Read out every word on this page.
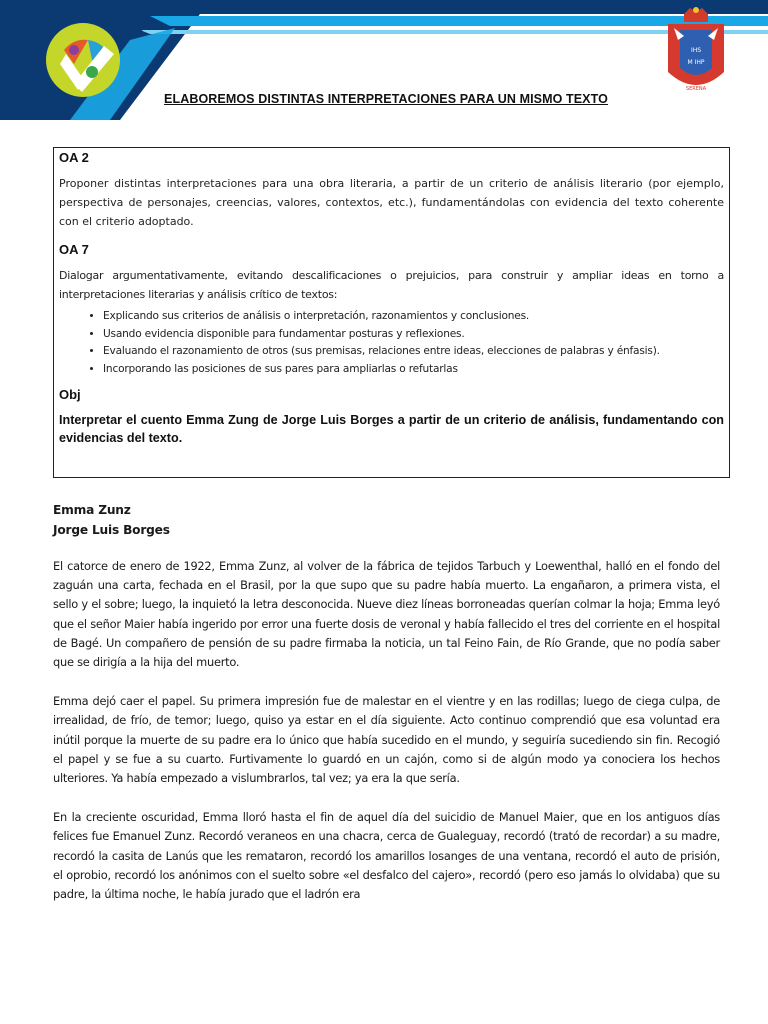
IHS
M IHP
SERENA
ELABOREMOS DISTINTAS INTERPRETACIONES PARA UN MISMO TEXTO
OA 2

Proponer distintas interpretaciones para una obra literaria, a partir de un criterio de análisis literario (por ejemplo, perspectiva de personajes, creencias, valores, contextos, etc.), fundamentándolas con evidencia del texto coherente con el criterio adoptado.

OA 7

Dialogar argumentativamente, evitando descalificaciones o prejuicios, para construir y ampliar ideas en torno a interpretaciones literarias y análisis crítico de textos:

• Explicando sus criterios de análisis o interpretación, razonamientos y conclusiones.
• Usando evidencia disponible para fundamentar posturas y reflexiones.
• Evaluando el razonamiento de otros (sus premisas, relaciones entre ideas, elecciones de palabras y énfasis).
• Incorporando las posiciones de sus pares para ampliarlas o refutarlas
Obj

Interpretar el cuento Emma Zung de Jorge Luis Borges a partir de un criterio de análisis, fundamentando con evidencias del texto.

Emma Zunz

Jorge Luis Borges

El catorce de enero de 1922, Emma Zunz, al volver de la fábrica de tejidos Tarbuch y Loewenthal, halló en el fondo del zaguán una carta, fechada en el Brasil, por la que supo que su padre había muerto. La engañaron, a primera vista, el sello y el sobre; luego, la inquietó la letra desconocida. Nueve diez líneas borroneadas querían colmar la hoja; Emma leyó que el señor Maier había ingerido por error una fuerte dosis de veronal y había fallecido el tres del corriente en el hospital de Bagé. Un compañero de pensión de su padre firmaba la noticia, un tal Feino Fain, de Río Grande, que no podía saber que se dirigía a la hija del muerto.

Emma dejó caer el papel. Su primera impresión fue de malestar en el vientre y en las rodillas; luego de ciega culpa, de irrealidad, de frío, de temor; luego, quiso ya estar en el día siguiente. Acto continuo comprendió que esa voluntad era inútil porque la muerte de su padre era lo único que había sucedido en el mundo, y seguiría sucediendo sin fin. Recogió el papel y se fue a su cuarto. Furtivamente lo guardó en un cajón, como si de algún modo ya conociera los hechos ulteriores. Ya había empezado a vislumbrarlos, tal vez; ya era la que sería.

En la creciente oscuridad, Emma lloró hasta el fin de aquel día del suicidio de Manuel Maier, que en los antiguos días felices fue Emanuel Zunz. Recordó veraneos en una chacra, cerca de Gualeguay, recordó (trató de recordar) a su madre, recordó la casita de Lanús que les remataron, recordó los amarillos losanges de una ventana, recordó el auto de prisión, el oprobio, recordó los anónimos con el suelto sobre «el desfalco del cajero», recordó (pero eso jamás lo olvidaba) que su padre, la última noche, le había jurado que el ladrón era
